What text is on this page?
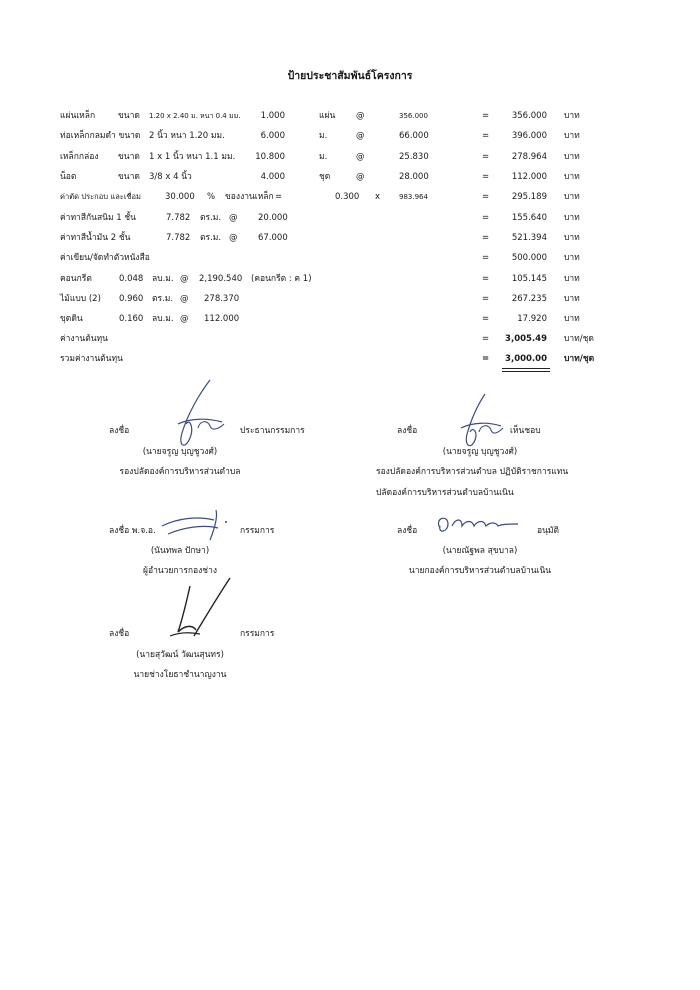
ป้ายประชาสัมพันธ์โครงการ
แผ่นเหล็ก	ขนาด 1.20 x 2.40 ม. หนา 0.4 มม.	1.000	แผ่น @	356.000	=	356.000 บาท
ท่อเหล็กกลมดำ ขนาด 2 นิ้ว หนา 1.20 มม.	6.000	ม.	@	66.000	=	396.000 บาท
เหล็กกล่อง ขนาด 1 x 1 นิ้ว หนา 1.1 มม.	10.800	ม.	@	25.830	=	278.964 บาท
น็อต	ขนาด 3/8 x 4 นิ้ว	4.000	ชุด	@	28.000	=	112.000 บาท
ค่าตัด ประกอบ และเชื่อม	30.000 % ของงานเหล็ก =	0.300 x	983.964	=	295.189 บาท
ค่าทาสีกันสนิม 1 ชั้น	7.782 ตร.ม. @ 20.000	=	155.640 บาท
ค่าทาสีน้ำมัน 2 ชั้น	7.782 ตร.ม. @ 67.000	=	521.394 บาท
ค่าเขียน/จัดทำตัวหนังสือ	=	500.000 บาท
คอนกรีต	0.048 ลบ.ม. @ 2,190.540 (คอนกรีต : ค 1)	=	105.145 บาท
ไม้แบบ (2) 0.960 ตร.ม. @ 278.370	=	267.235 บาท
ขุดดิน	0.160 ลบ.ม. @ 112.000	=	17.920 บาท
ค่างานต้นทุน	=	3,005.49 บาท/ชุด
รวมค่างานต้นทุน	=	3,000.00 บาท/ชุด
ลงชื่อ	ประธานกรรมการ
(นายจรูญ บุญชูวงศ์)
รองปลัดองค์การบริหารส่วนตำบล
ลงชื่อ	เห็นชอบ
(นายจรูญ บุญชูวงศ์)
รองปลัดองค์การบริหารส่วนตำบล ปฏิบัติราชการแทน
ปลัดองค์การบริหารส่วนตำบลบ้านเนิน
ลงชื่อ พ.จ.อ.	กรรมการ
(นันทพล ปักษา)
ผู้อำนวยการกองช่าง
ลงชื่อ	อนุมัติ
(นายณัฐพล สุขบาล)
นายกองค์การบริหารส่วนตำบลบ้านเนิน
ลงชื่อ	กรรมการ
(นายสุวัฒน์ วัฒนสุนทร)
นายช่างโยธาชำนาญงาน
